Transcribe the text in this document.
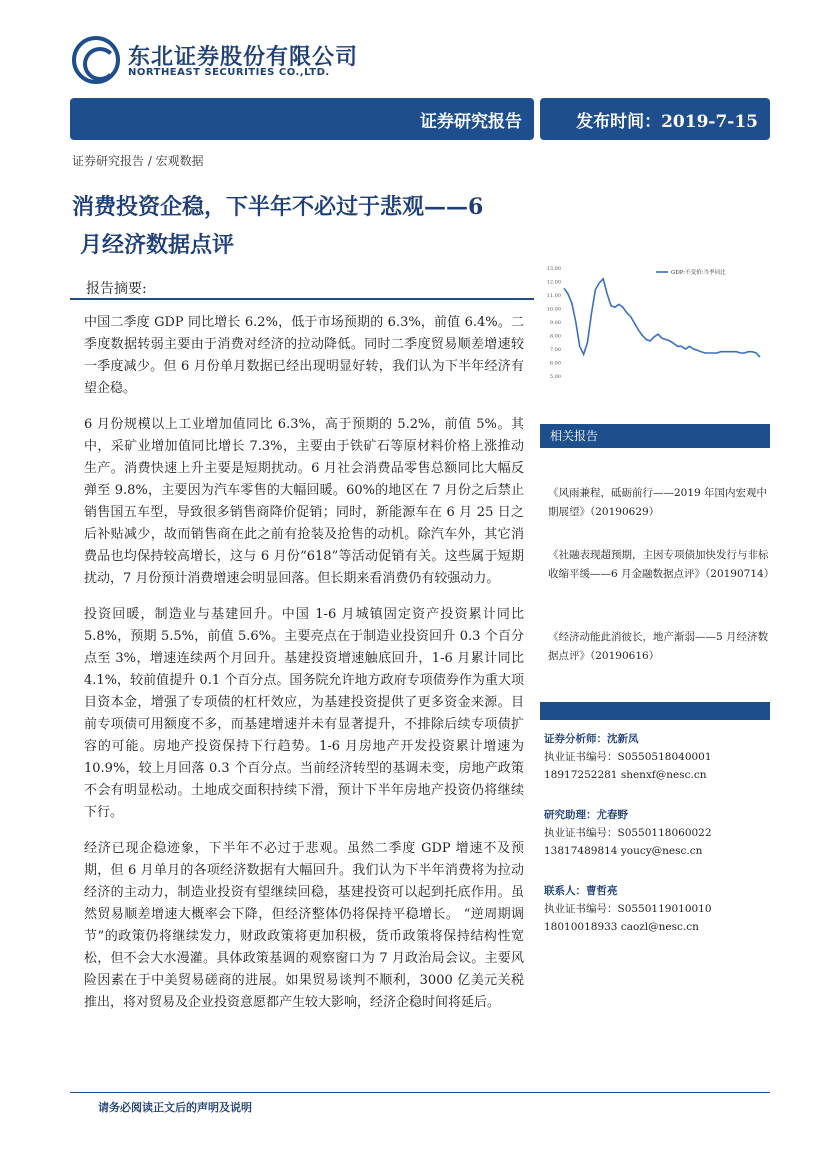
东北证券股份有限公司
NORTHEAST SECURITIES CO.,LTD.
证券研究报告	发布时间：2019-7-15
证券研究报告 / 宏观数据
消费投资企稳，下半年不必过于悲观——6
月经济数据点评
报告摘要:

中国二季度 GDP 同比增长 6.2%，低于市场预期的 6.3%，前值 6.4%。二季度数据转弱主要由于消费对经济的拉动降低。同时二季度贸易顺差增速较一季度减少。但 6 月份单月数据已经出现明显好转，我们认为下半年经济有望企稳。

6 月份规模以上工业增加值同比 6.3%，高于预期的 5.2%，前值 5%。其中，采矿业增加值同比增长 7.3%，主要由于铁矿石等原材料价格上涨推动生产。消费快速上升主要是短期扰动。6 月社会消费品零售总额同比大幅反弹至 9.8%，主要因为汽车零售的大幅回暖。60%的地区在 7 月份之后禁止销售国五车型，导致很多销售商降价促销；同时，新能源车在 6 月 25 日之后补贴减少，故而销售商在此之前有抢装及抢售的动机。除汽车外，其它消费品也均保持较高增长，这与 6 月份“618”等活动促销有关。这些属于短期扰动，7 月份预计消费增速会明显回落。但长期来看消费仍有较强动力。

投资回暖，制造业与基建回升。中国 1-6 月城镇固定资产投资累计同比 5.8%，预期 5.5%，前值 5.6%。主要亮点在于制造业投资回升 0.3 个百分点至 3%，增速连续两个月回升。基建投资增速触底回升，1-6 月累计同比 4.1%，较前值提升 0.1 个百分点。国务院允许地方政府专项债券作为重大项目资本金，增强了专项债的杠杆效应，为基建投资提供了更多资金来源。目前专项债可用额度不多，而基建增速并未有显著提升，不排除后续专项债扩容的可能。房地产投资保持下行趋势。1-6 月房地产开发投资累计增速为 10.9%，较上月回落 0.3 个百分点。当前经济转型的基调未变，房地产政策不会有明显松动。土地成交面积持续下滑，预计下半年房地产投资仍将继续下行。

经济已现企稳迹象，下半年不必过于悲观。虽然二季度 GDP 增速不及预期，但 6 月单月的各项经济数据有大幅回升。我们认为下半年消费将为拉动经济的主动力，制造业投资有望继续回稳，基建投资可以起到托底作用。虽然贸易顺差增速大概率会下降，但经济整体仍将保持平稳增长。 “逆周期调节”的政策仍将继续发力，财政政策将更加积极，货币政策将保持结构性宽松，但不会大水漫灌。具体政策基调的观察窗口为 7 月政治局会议。主要风险因素在于中美贸易磋商的进展。如果贸易谈判不顺利，3000 亿美元关税推出，将对贸易及企业投资意愿都产生较大影响，经济企稳时间将延后。

13.00
12.00
11.00
10.00
9.00
8.00
7.00
6.00
5.00
GDP:不变价:当季同比
相关报告
《风雨兼程，砥砺前行——2019 年国内宏观中期展望》（20190629）
《社融表现超预期，主因专项债加快发行与非标收缩平缓——6 月金融数据点评》（20190714）
《经济动能此消彼长，地产渐弱——5 月经济数据点评》（20190616）
证券分析师：沈新凤
执业证书编号：S0550518040001
18917252281 shenxf@nesc.cn
研究助理：尤春野
执业证书编号：S0550118060022
13817489814 youcy@nesc.cn
联系人：曹哲亮
执业证书编号：S0550119010010
18010018933 caozl@nesc.cn
请务必阅读正文后的声明及说明
